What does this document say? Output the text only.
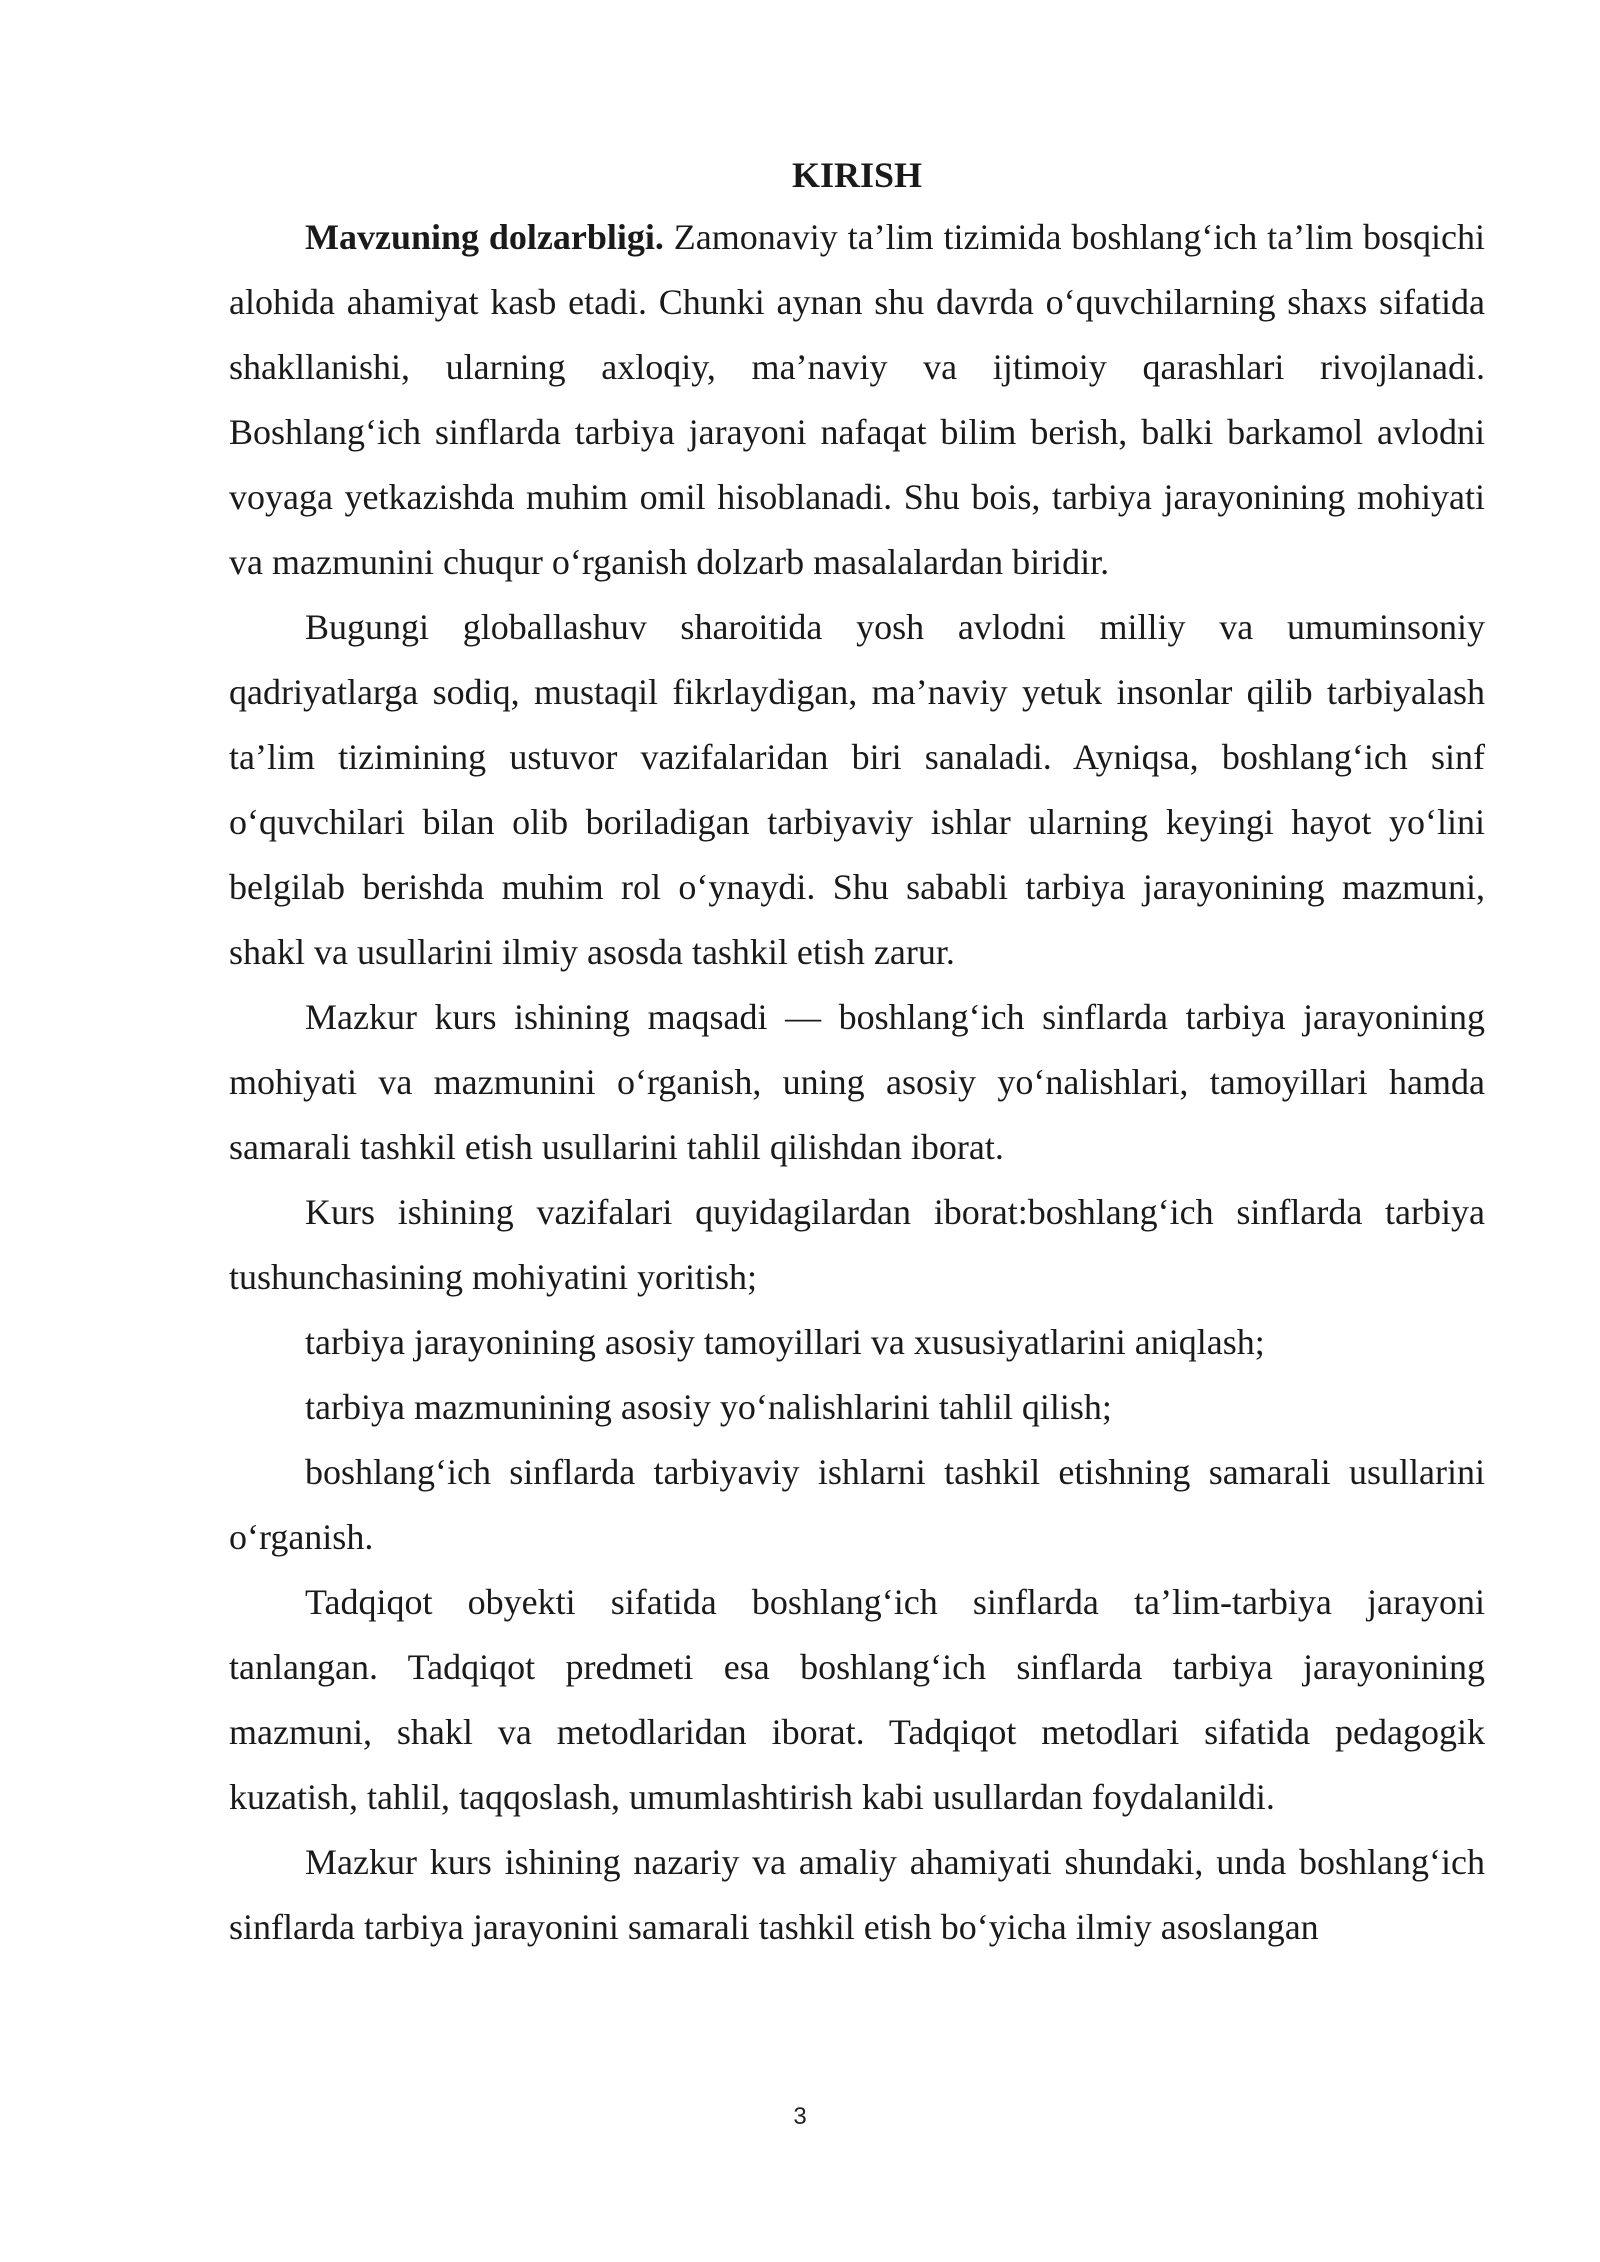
KIRISH

Mavzuning dolzarbligi. Zamonaviy ta’lim tizimida boshlang‘ich ta’lim bosqichi alohida ahamiyat kasb etadi. Chunki aynan shu davrda o‘quvchilarning shaxs sifatida shakllanishi, ularning axloqiy, ma’naviy va ijtimoiy qarashlari rivojlanadi. Boshlang‘ich sinflarda tarbiya jarayoni nafaqat bilim berish, balki barkamol avlodni voyaga yetkazishda muhim omil hisoblanadi. Shu bois, tarbiya jarayonining mohiyati va mazmunini chuqur o‘rganish dolzarb masalalardan biridir.

Bugungi globallashuv sharoitida yosh avlodni milliy va umuminsoniy qadriyatlarga sodiq, mustaqil fikrlaydigan, ma’naviy yetuk insonlar qilib tarbiyalash ta’lim tizimining ustuvor vazifalaridan biri sanaladi. Ayniqsa, boshlang‘ich sinf o‘quvchilari bilan olib boriladigan tarbiyaviy ishlar ularning keyingi hayot yo‘lini belgilab berishda muhim rol o‘ynaydi. Shu sababli tarbiya jarayonining mazmuni, shakl va usullarini ilmiy asosda tashkil etish zarur.

Mazkur kurs ishining maqsadi — boshlang‘ich sinflarda tarbiya jarayonining mohiyati va mazmunini o‘rganish, uning asosiy yo‘nalishlari, tamoyillari hamda samarali tashkil etish usullarini tahlil qilishdan iborat.

Kurs ishining vazifalari quyidagilardan iborat:boshlang‘ich sinflarda tarbiya tushunchasining mohiyatini yoritish;

tarbiya jarayonining asosiy tamoyillari va xususiyatlarini aniqlash;

tarbiya mazmunining asosiy yo‘nalishlarini tahlil qilish;

boshlang‘ich sinflarda tarbiyaviy ishlarni tashkil etishning samarali usullarini o‘rganish.

Tadqiqot obyekti sifatida boshlang‘ich sinflarda ta’lim-tarbiya jarayoni tanlangan. Tadqiqot predmeti esa boshlang‘ich sinflarda tarbiya jarayonining mazmuni, shakl va metodlaridan iborat. Tadqiqot metodlari sifatida pedagogik kuzatish, tahlil, taqqoslash, umumlashtirish kabi usullardan foydalanildi.

Mazkur kurs ishining nazariy va amaliy ahamiyati shundaki, unda boshlang‘ich sinflarda tarbiya jarayonini samarali tashkil etish bo‘yicha ilmiy asoslangan

3
